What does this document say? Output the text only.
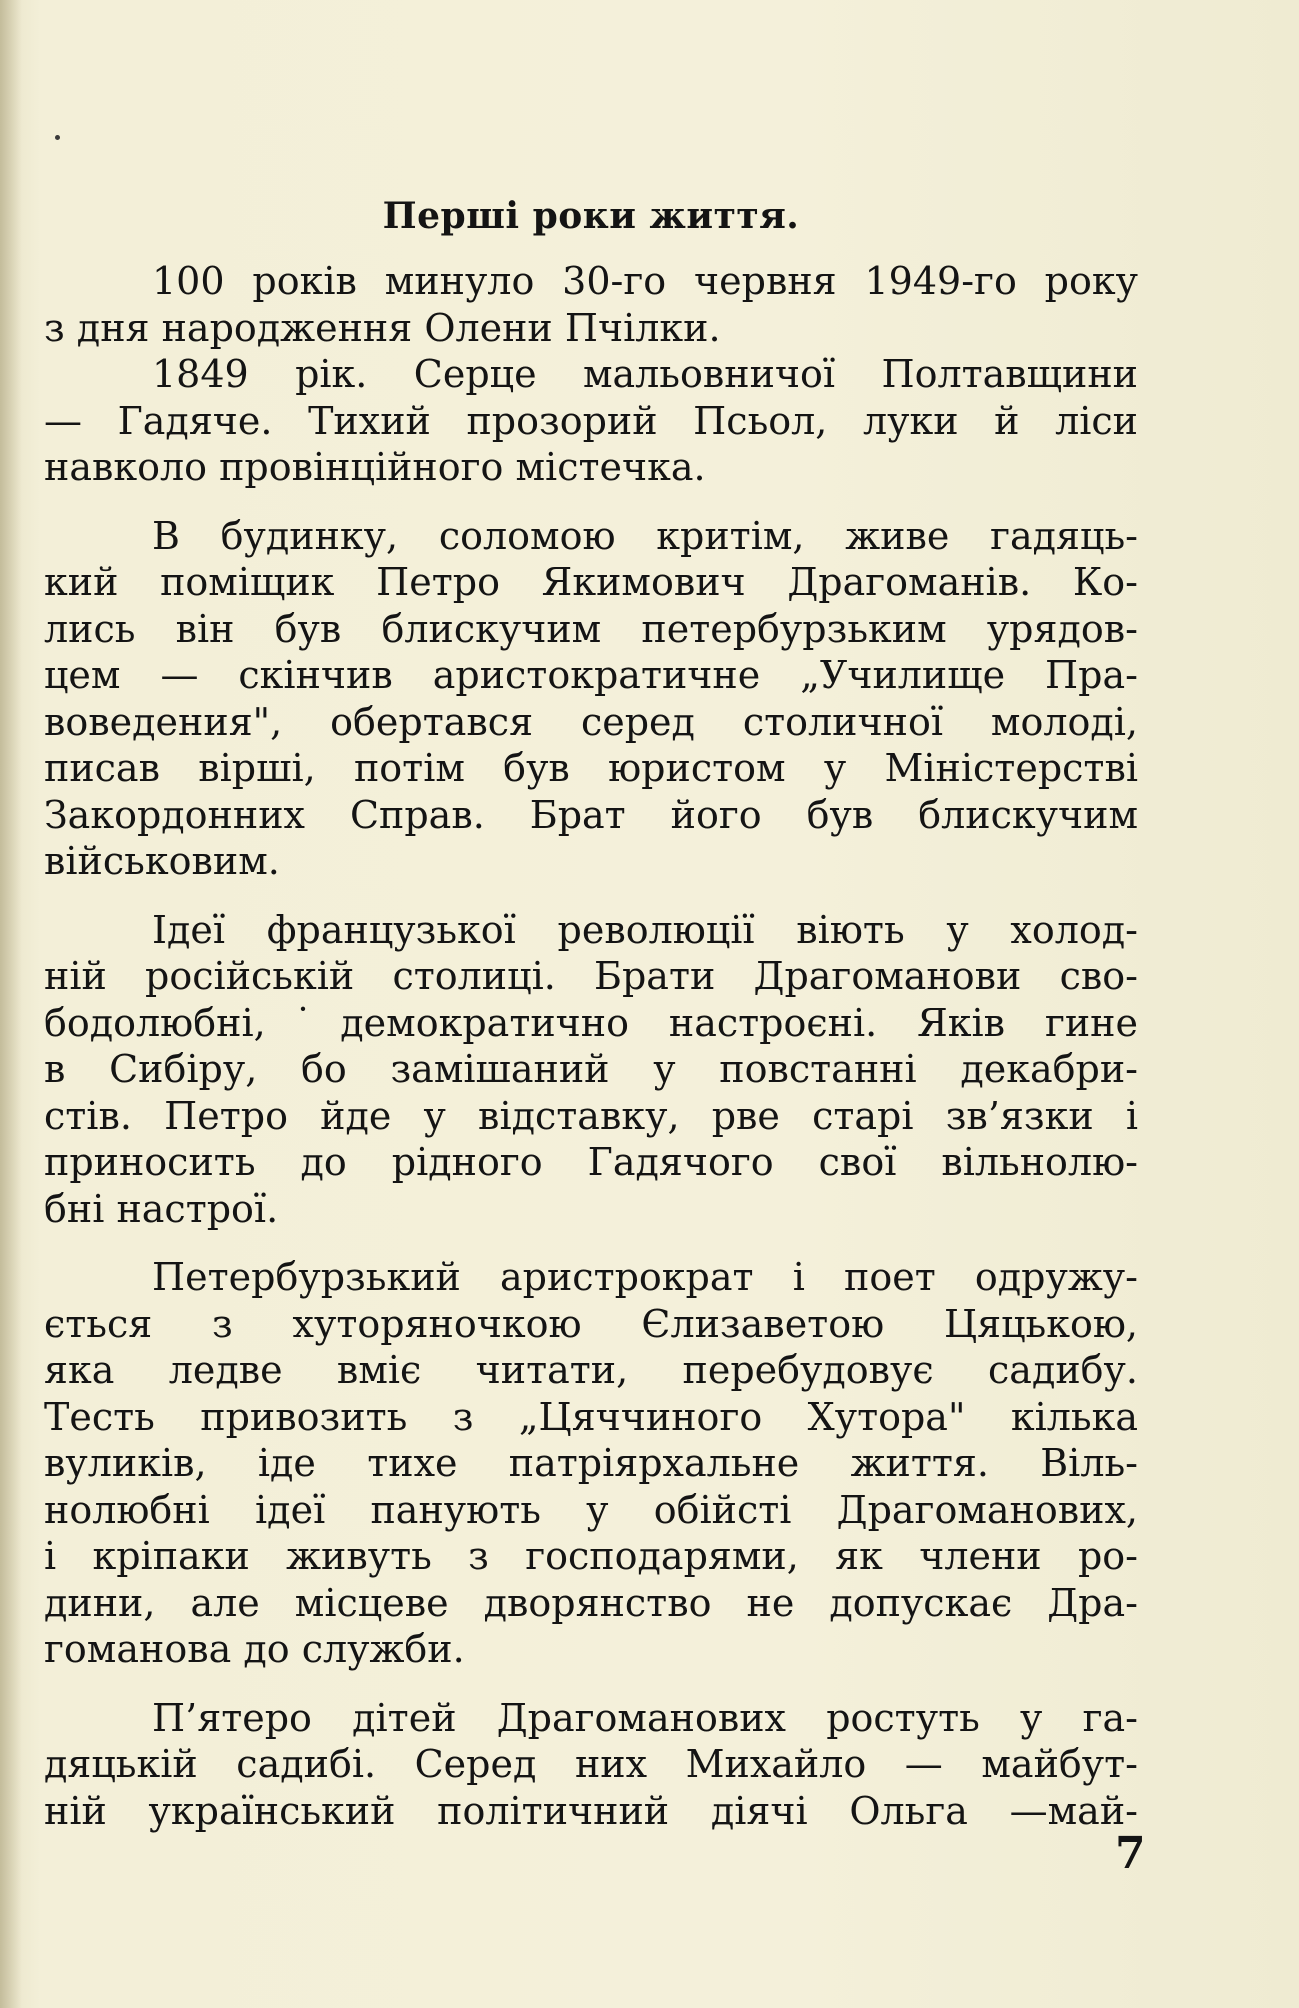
Перші роки життя.
100 років минуло 30-го червня 1949-го року
з дня народження Олени Пчілки.
1849 рік. Серце мальовничої Полтавщини
— Гадяче. Тихий прозорий Псьол, луки й ліси
навколо провінційного містечка.
В будинку, соломою критім, живе гадяць-
кий поміщик Петро Якимович Драгоманів. Ко-
лись він був блискучим петербурзьким урядов-
цем — скінчив аристократичне „Училище Пра-
воведения", обертався серед столичної молоді,
писав вірші, потім був юристом у Міністерстві
Закордонних Справ. Брат його був блискучим
військовим.
Ідеї французької революції віють у холод-
ній російській столиці. Брати Драгоманови сво-
бодолюбні,˙демократично настроєні. Яків гине
в Сибіру, бо замішаний у повстанні декабри-
стів. Петро йде у відставку, рве старі зв’язки і
приносить до рідного Гадячого свої вільнолю-
бні настрої.
Петербурзький аристрократ і поет одружу-
ється з хуторяночкою Єлизаветою Цяцькою,
яка ледве вміє читати, перебудовує садибу.
Тесть привозить з „Цяччиного Хутора" кілька
вуликів, іде тихе патріярхальне життя. Віль-
нолюбні ідеї панують у обійсті Драгоманових,
і кріпаки живуть з господарями, як члени ро-
дини, але місцеве дворянство не допускає Дра-
гоманова до служби.
П’ятеро дітей Драгоманових ростуть у га-
дяцькій садибі. Серед них Михайло — майбут-
ній український політичний діячі Ольга —май-
7
